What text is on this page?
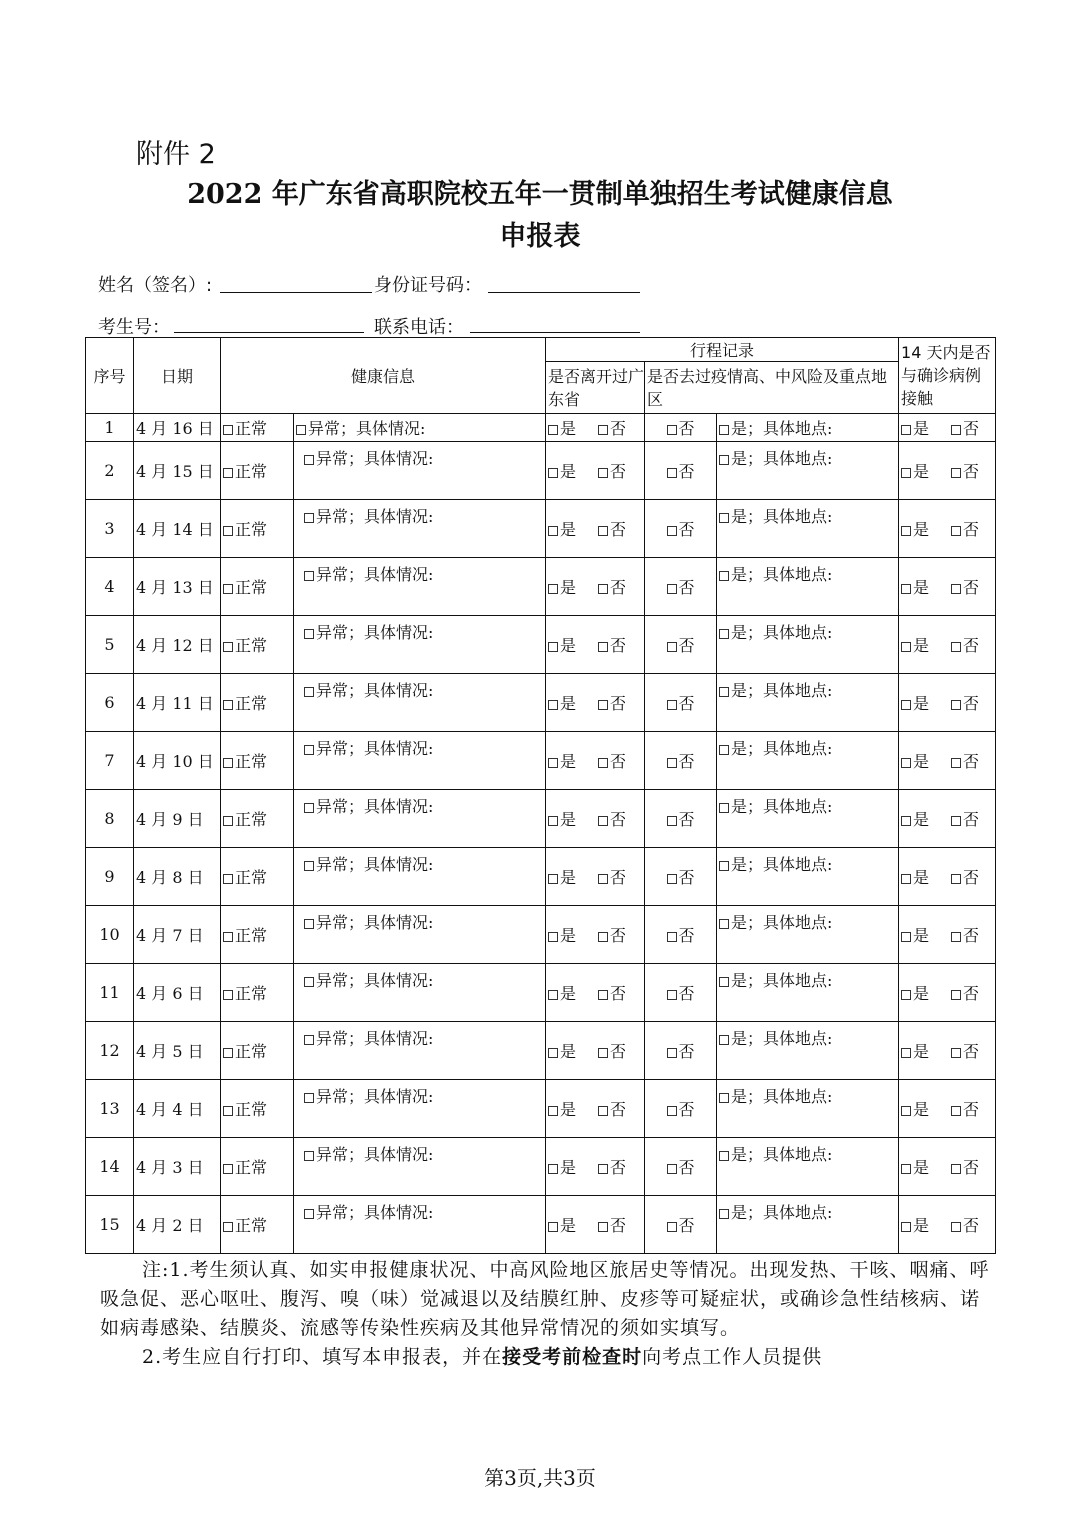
附件 2
2022 年广东省高职院校五年一贯制单独招生考试健康信息
申报表
姓名（签名）:	身份证号码：
考生号：	联系电话：
序号	日期	健康信息		行程记录			14 天内是否与确诊病例接触
				是否离开过广东省	是否去过疫情高、中风险及重点地区		
1	4 月 16 日	正常	异常；具体情况:	是 否	否	是；具体地点:	是 否
2	4 月 15 日	正常	异常；具体情况:	是 否	否	是；具体地点:	是 否
3	4 月 14 日	正常	异常；具体情况:	是 否	否	是；具体地点:	是 否
4	4 月 13 日	正常	异常；具体情况:	是 否	否	是；具体地点:	是 否
5	4 月 12 日	正常	异常；具体情况:	是 否	否	是；具体地点:	是 否
6	4 月 11 日	正常	异常；具体情况:	是 否	否	是；具体地点:	是 否
7	4 月 10 日	正常	异常；具体情况:	是 否	否	是；具体地点:	是 否
8	4 月 9 日	正常	异常；具体情况:	是 否	否	是；具体地点:	是 否
9	4 月 8 日	正常	异常；具体情况:	是 否	否	是；具体地点:	是 否
10	4 月 7 日	正常	异常；具体情况:	是 否	否	是；具体地点:	是 否
11	4 月 6 日	正常	异常；具体情况:	是 否	否	是；具体地点:	是 否
12	4 月 5 日	正常	异常；具体情况:	是 否	否	是；具体地点:	是 否
13	4 月 4 日	正常	异常；具体情况:	是 否	否	是；具体地点:	是 否
14	4 月 3 日	正常	异常；具体情况:	是 否	否	是；具体地点:	是 否
15	4 月 2 日	正常	异常；具体情况:	是 否	否	是；具体地点:	是 否
注:1.考生须认真、如实申报健康状况、中高风险地区旅居史等情况。出现发热、干咳、咽痛、呼吸急促、恶心呕吐、腹泻、嗅（味）觉减退以及结膜红肿、皮疹等可疑症状，或确诊急性结核病、诺如病毒感染、结膜炎、流感等传染性疾病及其他异常情况的须如实填写。
2.考生应自行打印、填写本申报表，并在接受考前检查时向考点工作人员提供
第3页,共3页
